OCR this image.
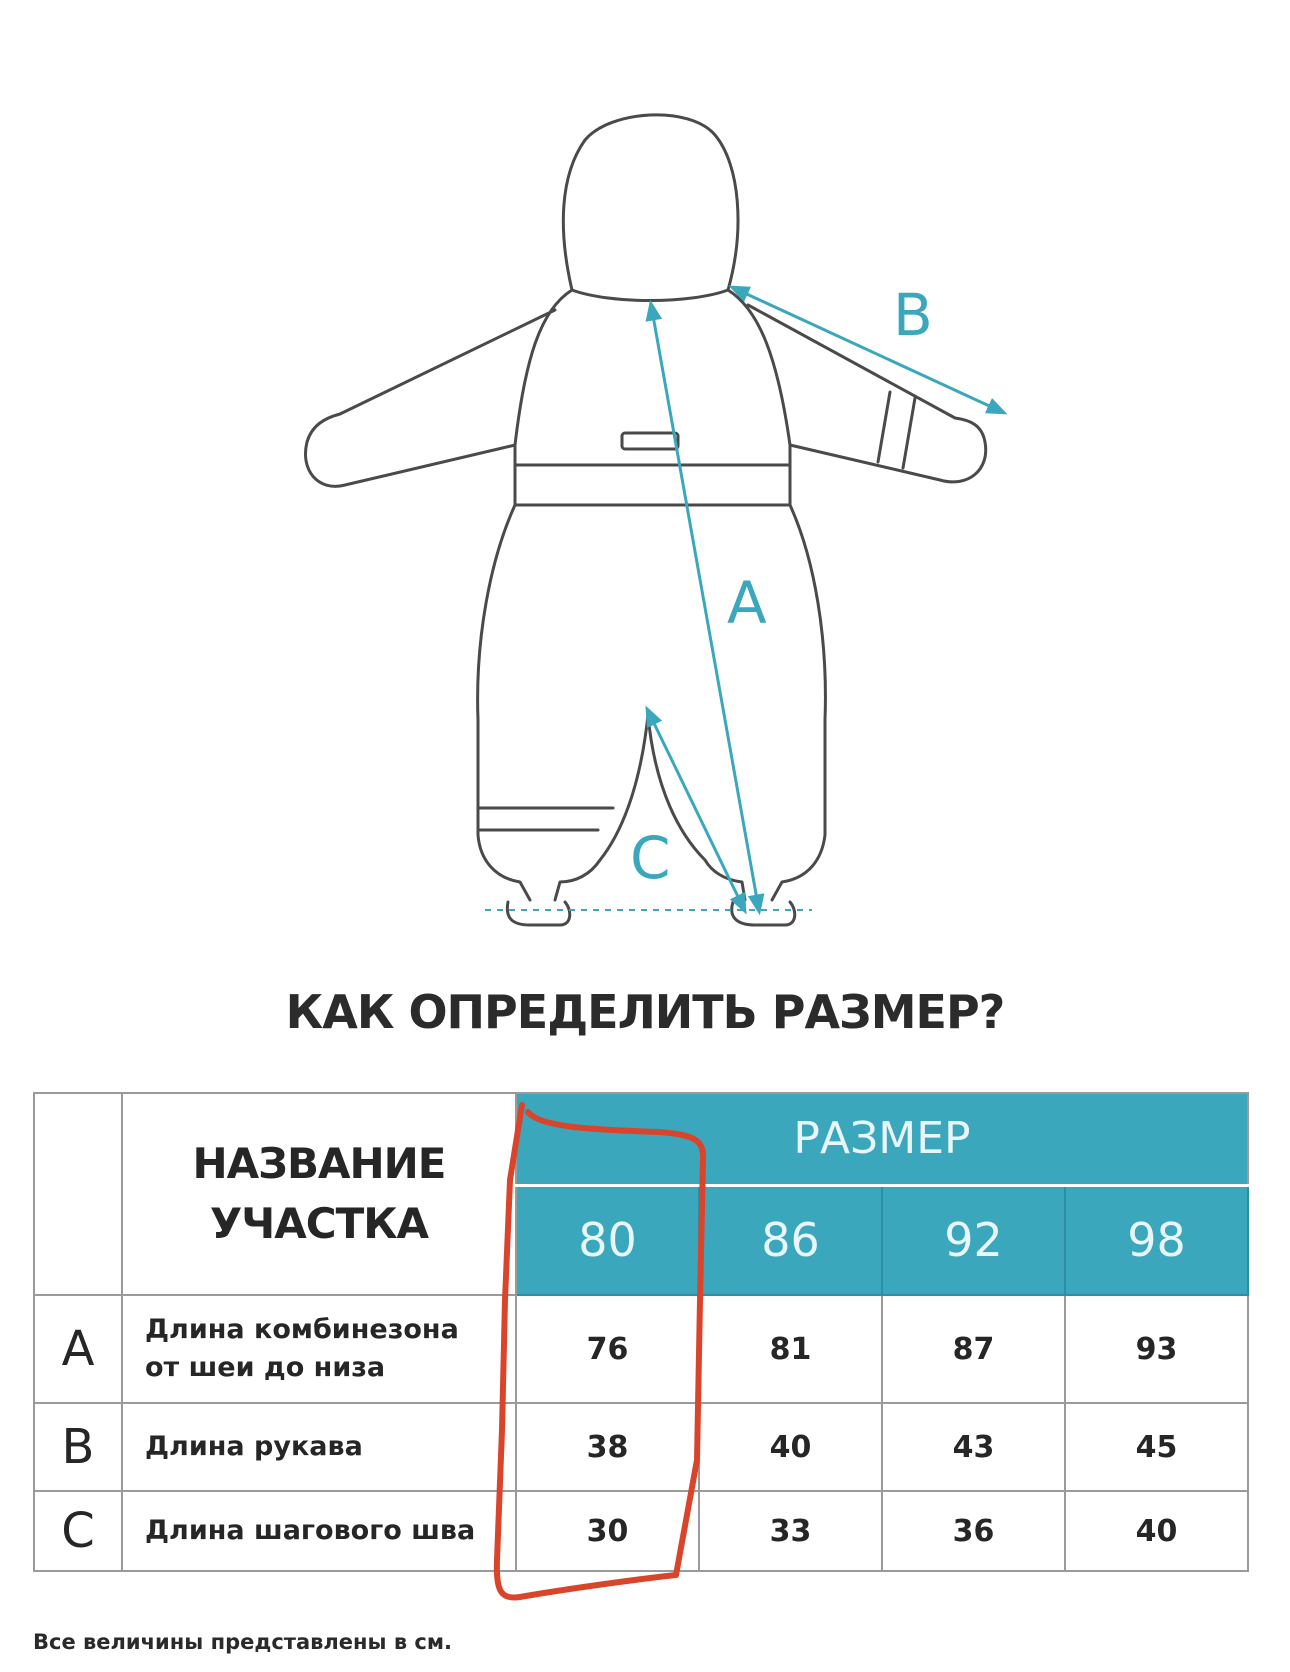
A
B
C
КАК ОПРЕДЕЛИТЬ РАЗМЕР?

	НАЗВАНИЕ
УЧАСТКА	РАЗМЕР			
		80	86	92	98
A	Длина комбинезона
от шеи до низа	76	81	87	93
B	Длина рукава	38	40	43	45
C	Длина шагового шва	30	33	36	40
Все величины представлены в см.
